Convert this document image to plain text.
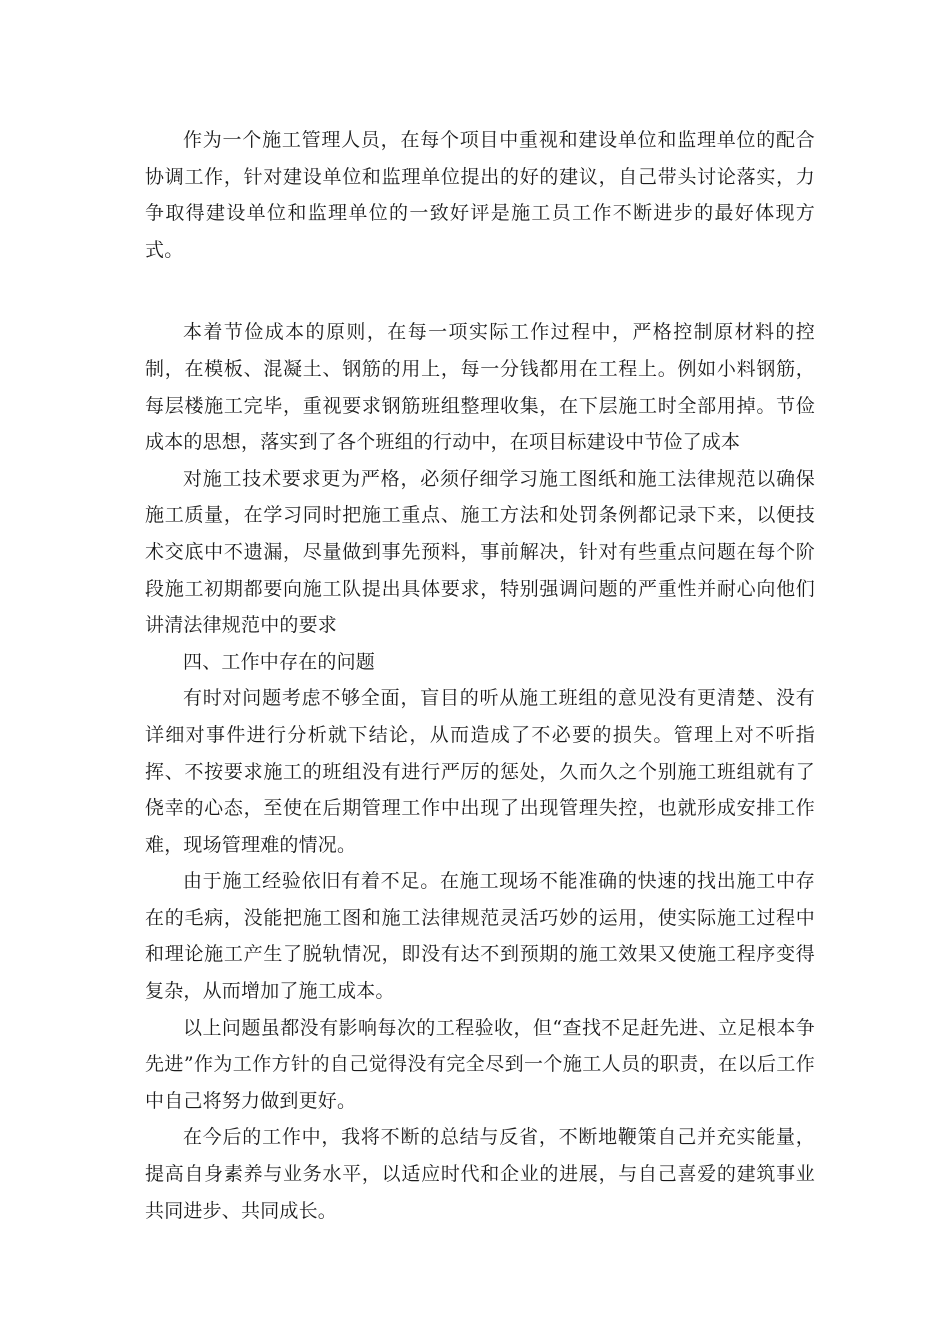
作为一个施工管理人员，在每个项目中重视和建设单位和监理单位的配合协调工作，针对建设单位和监理单位提出的好的建议，自己带头讨论落实，力争取得建设单位和监理单位的一致好评是施工员工作不断进步的最好体现方式。

本着节俭成本的原则，在每一项实际工作过程中，严格控制原材料的控制，在模板、混凝土、钢筋的用上，每一分钱都用在工程上。例如小料钢筋，每层楼施工完毕，重视要求钢筋班组整理收集，在下层施工时全部用掉。节俭成本的思想，落实到了各个班组的行动中，在项目标建设中节俭了成本

对施工技术要求更为严格，必须仔细学习施工图纸和施工法律规范以确保施工质量，在学习同时把施工重点、施工方法和处罚条例都记录下来，以便技术交底中不遗漏，尽量做到事先预料，事前解决，针对有些重点问题在每个阶段施工初期都要向施工队提出具体要求，特别强调问题的严重性并耐心向他们讲清法律规范中的要求

四、工作中存在的问题

有时对问题考虑不够全面，盲目的听从施工班组的意见没有更清楚、没有详细对事件进行分析就下结论，从而造成了不必要的损失。管理上对不听指挥、不按要求施工的班组没有进行严厉的惩处，久而久之个别施工班组就有了侥幸的心态，至使在后期管理工作中出现了出现管理失控，也就形成安排工作难，现场管理难的情况。

由于施工经验依旧有着不足。在施工现场不能准确的快速的找出施工中存在的毛病，没能把施工图和施工法律规范灵活巧妙的运用，使实际施工过程中和理论施工产生了脱轨情况，即没有达不到预期的施工效果又使施工程序变得复杂，从而增加了施工成本。

以上问题虽都没有影响每次的工程验收，但“查找不足赶先进、立足根本争先进”作为工作方针的自己觉得没有完全尽到一个施工人员的职责，在以后工作中自己将努力做到更好。

在今后的工作中，我将不断的总结与反省，不断地鞭策自己并充实能量，提高自身素养与业务水平，以适应时代和企业的进展，与自己喜爱的建筑事业共同进步、共同成长。
